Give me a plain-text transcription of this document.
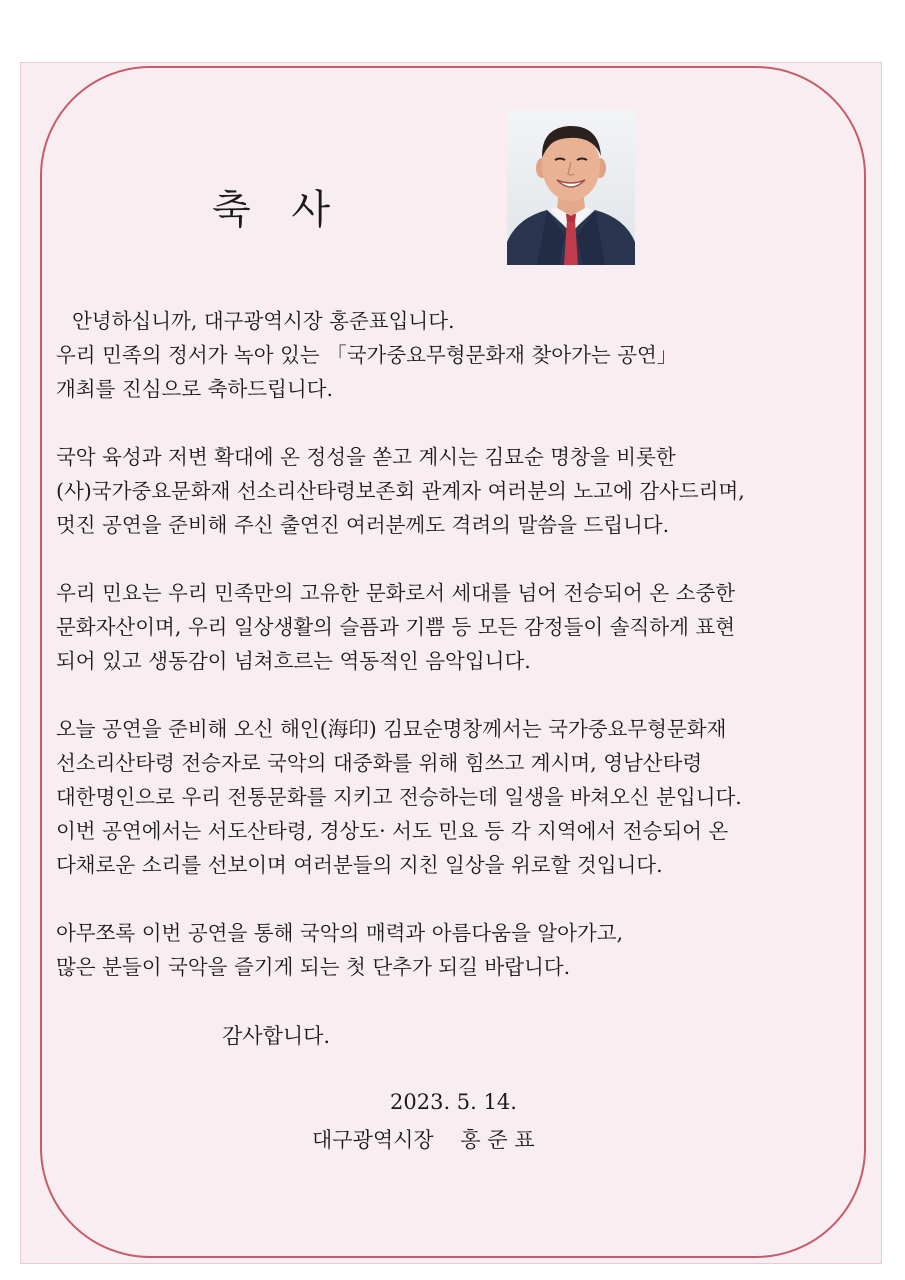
축 사

안녕하십니까, 대구광역시장 홍준표입니다.
우리 민족의 정서가 녹아 있는 「국가중요무형문화재 찾아가는 공연」
개최를 진심으로 축하드립니다.

국악 육성과 저변 확대에 온 정성을 쏟고 계시는 김묘순 명창을 비롯한
(사)국가중요문화재 선소리산타령보존회 관계자 여러분의 노고에 감사드리며,
멋진 공연을 준비해 주신 출연진 여러분께도 격려의 말씀을 드립니다.

우리 민요는 우리 민족만의 고유한 문화로서 세대를 넘어 전승되어 온 소중한
문화자산이며, 우리 일상생활의 슬픔과 기쁨 등 모든 감정들이 솔직하게 표현
되어 있고 생동감이 넘쳐흐르는 역동적인 음악입니다.

오늘 공연을 준비해 오신 해인(海印) 김묘순명창께서는 국가중요무형문화재
선소리산타령 전승자로 국악의 대중화를 위해 힘쓰고 계시며, 영남산타령
대한명인으로 우리 전통문화를 지키고 전승하는데 일생을 바쳐오신 분입니다.
이번 공연에서는 서도산타령, 경상도· 서도 민요 등 각 지역에서 전승되어 온
다채로운 소리를 선보이며 여러분들의 지친 일상을 위로할 것입니다.

아무쪼록 이번 공연을 통해 국악의 매력과 아름다움을 알아가고,
많은 분들이 국악을 즐기게 되는 첫 단추가 되길 바랍니다.

감사합니다.
2023. 5. 14.
대구광역시장    홍 준 표
